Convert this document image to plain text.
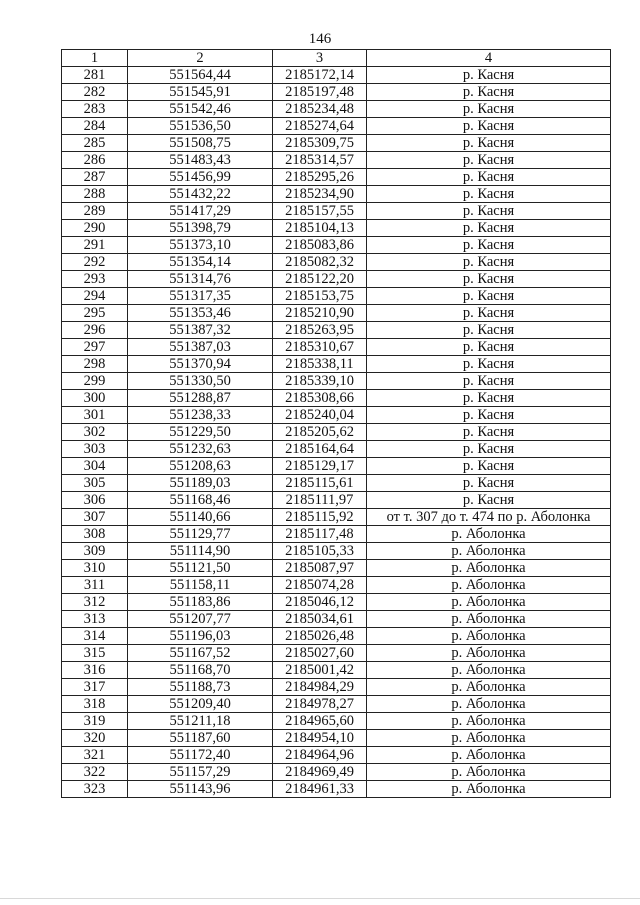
146
1	2	3	4
281	551564,44	2185172,14	р. Касня
282	551545,91	2185197,48	р. Касня
283	551542,46	2185234,48	р. Касня
284	551536,50	2185274,64	р. Касня
285	551508,75	2185309,75	р. Касня
286	551483,43	2185314,57	р. Касня
287	551456,99	2185295,26	р. Касня
288	551432,22	2185234,90	р. Касня
289	551417,29	2185157,55	р. Касня
290	551398,79	2185104,13	р. Касня
291	551373,10	2185083,86	р. Касня
292	551354,14	2185082,32	р. Касня
293	551314,76	2185122,20	р. Касня
294	551317,35	2185153,75	р. Касня
295	551353,46	2185210,90	р. Касня
296	551387,32	2185263,95	р. Касня
297	551387,03	2185310,67	р. Касня
298	551370,94	2185338,11	р. Касня
299	551330,50	2185339,10	р. Касня
300	551288,87	2185308,66	р. Касня
301	551238,33	2185240,04	р. Касня
302	551229,50	2185205,62	р. Касня
303	551232,63	2185164,64	р. Касня
304	551208,63	2185129,17	р. Касня
305	551189,03	2185115,61	р. Касня
306	551168,46	2185111,97	р. Касня
307	551140,66	2185115,92	от т. 307 до т. 474 по р. Аболонка
308	551129,77	2185117,48	р. Аболонка
309	551114,90	2185105,33	р. Аболонка
310	551121,50	2185087,97	р. Аболонка
311	551158,11	2185074,28	р. Аболонка
312	551183,86	2185046,12	р. Аболонка
313	551207,77	2185034,61	р. Аболонка
314	551196,03	2185026,48	р. Аболонка
315	551167,52	2185027,60	р. Аболонка
316	551168,70	2185001,42	р. Аболонка
317	551188,73	2184984,29	р. Аболонка
318	551209,40	2184978,27	р. Аболонка
319	551211,18	2184965,60	р. Аболонка
320	551187,60	2184954,10	р. Аболонка
321	551172,40	2184964,96	р. Аболонка
322	551157,29	2184969,49	р. Аболонка
323	551143,96	2184961,33	р. Аболонка
